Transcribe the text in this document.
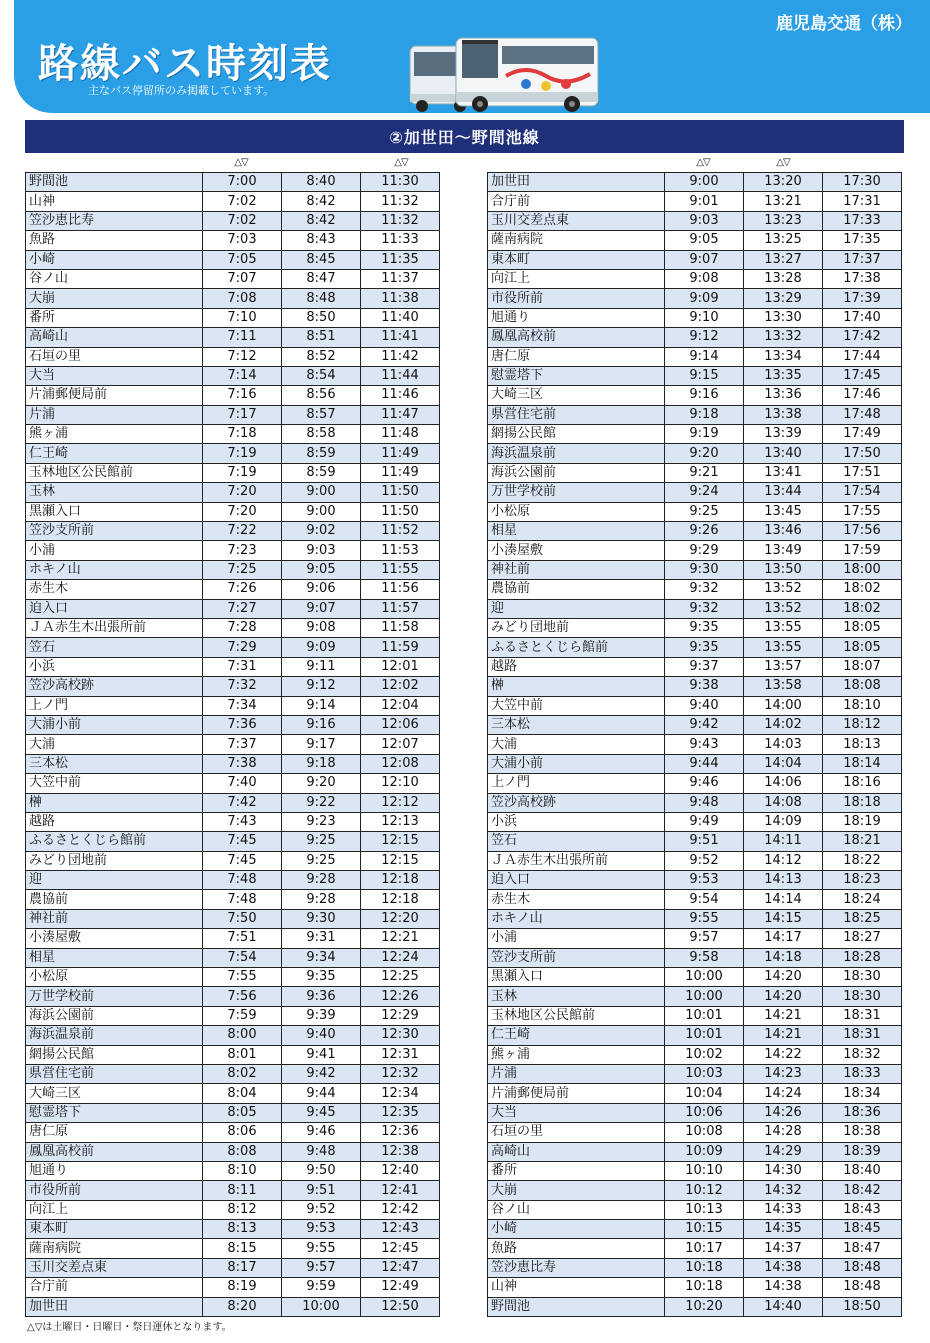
路線バス時刻表
主なバス停留所のみ掲載しています。
鹿児島交通（株）
②加世田～野間池線
△▽	△▽
野間池	7:00	8:40	11:30
山神	7:02	8:42	11:32
笠沙恵比寿	7:02	8:42	11:32
魚路	7:03	8:43	11:33
小崎	7:05	8:45	11:35
谷ノ山	7:07	8:47	11:37
大崩	7:08	8:48	11:38
番所	7:10	8:50	11:40
高崎山	7:11	8:51	11:41
石垣の里	7:12	8:52	11:42
大当	7:14	8:54	11:44
片浦郵便局前	7:16	8:56	11:46
片浦	7:17	8:57	11:47
熊ヶ浦	7:18	8:58	11:48
仁王崎	7:19	8:59	11:49
玉林地区公民館前	7:19	8:59	11:49
玉林	7:20	9:00	11:50
黒瀬入口	7:20	9:00	11:50
笠沙支所前	7:22	9:02	11:52
小浦	7:23	9:03	11:53
ホキノ山	7:25	9:05	11:55
赤生木	7:26	9:06	11:56
迫入口	7:27	9:07	11:57
ＪＡ赤生木出張所前	7:28	9:08	11:58
笠石	7:29	9:09	11:59
小浜	7:31	9:11	12:01
笠沙高校跡	7:32	9:12	12:02
上ノ門	7:34	9:14	12:04
大浦小前	7:36	9:16	12:06
大浦	7:37	9:17	12:07
三本松	7:38	9:18	12:08
大笠中前	7:40	9:20	12:10
榊	7:42	9:22	12:12
越路	7:43	9:23	12:13
ふるさとくじら館前	7:45	9:25	12:15
みどり団地前	7:45	9:25	12:15
迎	7:48	9:28	12:18
農協前	7:48	9:28	12:18
神社前	7:50	9:30	12:20
小湊屋敷	7:51	9:31	12:21
相星	7:54	9:34	12:24
小松原	7:55	9:35	12:25
万世学校前	7:56	9:36	12:26
海浜公園前	7:59	9:39	12:29
海浜温泉前	8:00	9:40	12:30
網揚公民館	8:01	9:41	12:31
県営住宅前	8:02	9:42	12:32
大崎三区	8:04	9:44	12:34
慰霊塔下	8:05	9:45	12:35
唐仁原	8:06	9:46	12:36
鳳凰高校前	8:08	9:48	12:38
旭通り	8:10	9:50	12:40
市役所前	8:11	9:51	12:41
向江上	8:12	9:52	12:42
東本町	8:13	9:53	12:43
薩南病院	8:15	9:55	12:45
玉川交差点東	8:17	9:57	12:47
合庁前	8:19	9:59	12:49
加世田	8:20	10:00	12:50
△▽	△▽
加世田	9:00	13:20	17:30
合庁前	9:01	13:21	17:31
玉川交差点東	9:03	13:23	17:33
薩南病院	9:05	13:25	17:35
東本町	9:07	13:27	17:37
向江上	9:08	13:28	17:38
市役所前	9:09	13:29	17:39
旭通り	9:10	13:30	17:40
鳳凰高校前	9:12	13:32	17:42
唐仁原	9:14	13:34	17:44
慰霊塔下	9:15	13:35	17:45
大崎三区	9:16	13:36	17:46
県営住宅前	9:18	13:38	17:48
網揚公民館	9:19	13:39	17:49
海浜温泉前	9:20	13:40	17:50
海浜公園前	9:21	13:41	17:51
万世学校前	9:24	13:44	17:54
小松原	9:25	13:45	17:55
相星	9:26	13:46	17:56
小湊屋敷	9:29	13:49	17:59
神社前	9:30	13:50	18:00
農協前	9:32	13:52	18:02
迎	9:32	13:52	18:02
みどり団地前	9:35	13:55	18:05
ふるさとくじら館前	9:35	13:55	18:05
越路	9:37	13:57	18:07
榊	9:38	13:58	18:08
大笠中前	9:40	14:00	18:10
三本松	9:42	14:02	18:12
大浦	9:43	14:03	18:13
大浦小前	9:44	14:04	18:14
上ノ門	9:46	14:06	18:16
笠沙高校跡	9:48	14:08	18:18
小浜	9:49	14:09	18:19
笠石	9:51	14:11	18:21
ＪＡ赤生木出張所前	9:52	14:12	18:22
迫入口	9:53	14:13	18:23
赤生木	9:54	14:14	18:24
ホキノ山	9:55	14:15	18:25
小浦	9:57	14:17	18:27
笠沙支所前	9:58	14:18	18:28
黒瀬入口	10:00	14:20	18:30
玉林	10:00	14:20	18:30
玉林地区公民館前	10:01	14:21	18:31
仁王崎	10:01	14:21	18:31
熊ヶ浦	10:02	14:22	18:32
片浦	10:03	14:23	18:33
片浦郵便局前	10:04	14:24	18:34
大当	10:06	14:26	18:36
石垣の里	10:08	14:28	18:38
高崎山	10:09	14:29	18:39
番所	10:10	14:30	18:40
大崩	10:12	14:32	18:42
谷ノ山	10:13	14:33	18:43
小崎	10:15	14:35	18:45
魚路	10:17	14:37	18:47
笠沙恵比寿	10:18	14:38	18:48
山神	10:18	14:38	18:48
野間池	10:20	14:40	18:50
△▽は土曜日・日曜日・祭日運休となります。
